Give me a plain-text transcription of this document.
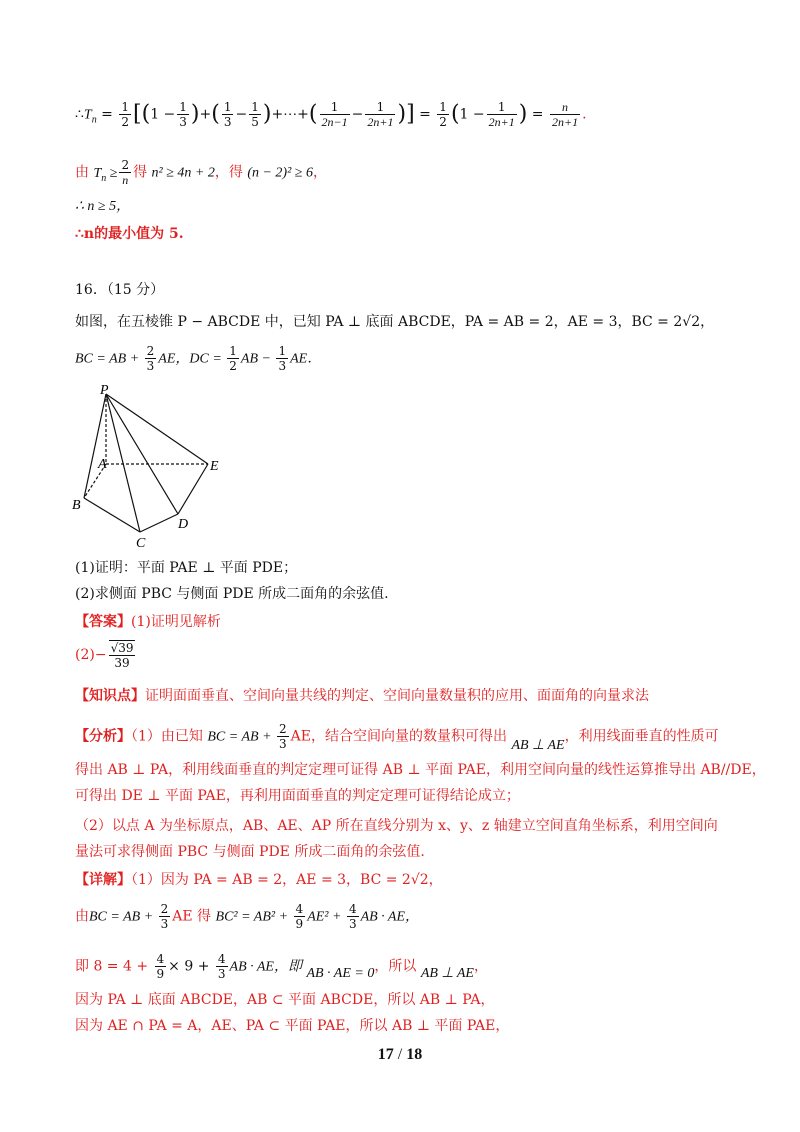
$\therefore T_n = \frac{1}{2} [(1 - \frac{1}{3}$ )+( $\frac{1}{3} - \frac{1}{5}$ )+⋯+( $\frac{1}{2n-1} - \frac{1}{2n+1}$ )] = $\frac{1}{2} (1 - \frac{1}{2n+1}$ ) = $\frac{n}{2n+1}$ .
由 $T_n \ge \frac{2}{n}$ 得 n² ≥ 4n + 2，得 (n − 2)² ≥ 6，
∴ n ≥ 5，
∴n的最小值为 5.
16．（15 分）
如图，在五棱锥 P − ABCDE 中，已知 PA ⊥ 底面 ABCDE，PA = AB = 2，AE = 3，BC = 2√2，
BC = AB + $\frac{2}{3}$ AE，DC = $\frac{1}{2}$ AB − $\frac{1}{3}$ AE．
P
A	E
B
C
D
(1)证明：平面 PAE ⊥ 平面 PDE；
(2)求侧面 PBC 与侧面 PDE 所成二面角的余弦值.
【答案】(1)证明见解析
$(2)- \frac{√39}{39}$
【知识点】证明面面垂直、空间向量共线的判定、空间向量数量积的应用、面面角的向量求法
【分析】（1）由已知 BC = AB + $\frac{2}{3}$ AE，结合空间向量的数量积可得出 AB ⊥ AE，利用线面垂直的性质可
得出 AB ⊥ PA，利用线面垂直的判定定理可证得 AB ⊥ 平面 PAE，利用空间向量的线性运算推导出 AB//DE，
可得出 DE ⊥ 平面 PAE，再利用面面垂直的判定定理可证得结论成立；
（2）以点 A 为坐标原点，AB、AE、AP 所在直线分别为 x、y、z 轴建立空间直角坐标系，利用空间向
量法可求得侧面 PBC 与侧面 PDE 所成二面角的余弦值.
【详解】（1）因为 PA = AB = 2，AE = 3，BC = 2√2，
由BC = AB + $\frac{2}{3}$ AE 得 $BC^2 = AB^2 + \frac{4}{9} AE^2 + \frac{4}{3}$ AB · AE，
即 $8 = 4 + \frac{4}{9} \times 9 + \frac{4}{3}$ AB · AE，即 AB · AE = 0，所以 AB ⊥ AE，
因为 PA ⊥ 底面 ABCDE，AB ⊂ 平面 ABCDE，所以 AB ⊥ PA，
因为 AE ∩ PA = A，AE、PA ⊂ 平面 PAE，所以 AB ⊥ 平面 PAE，
17 / 18
